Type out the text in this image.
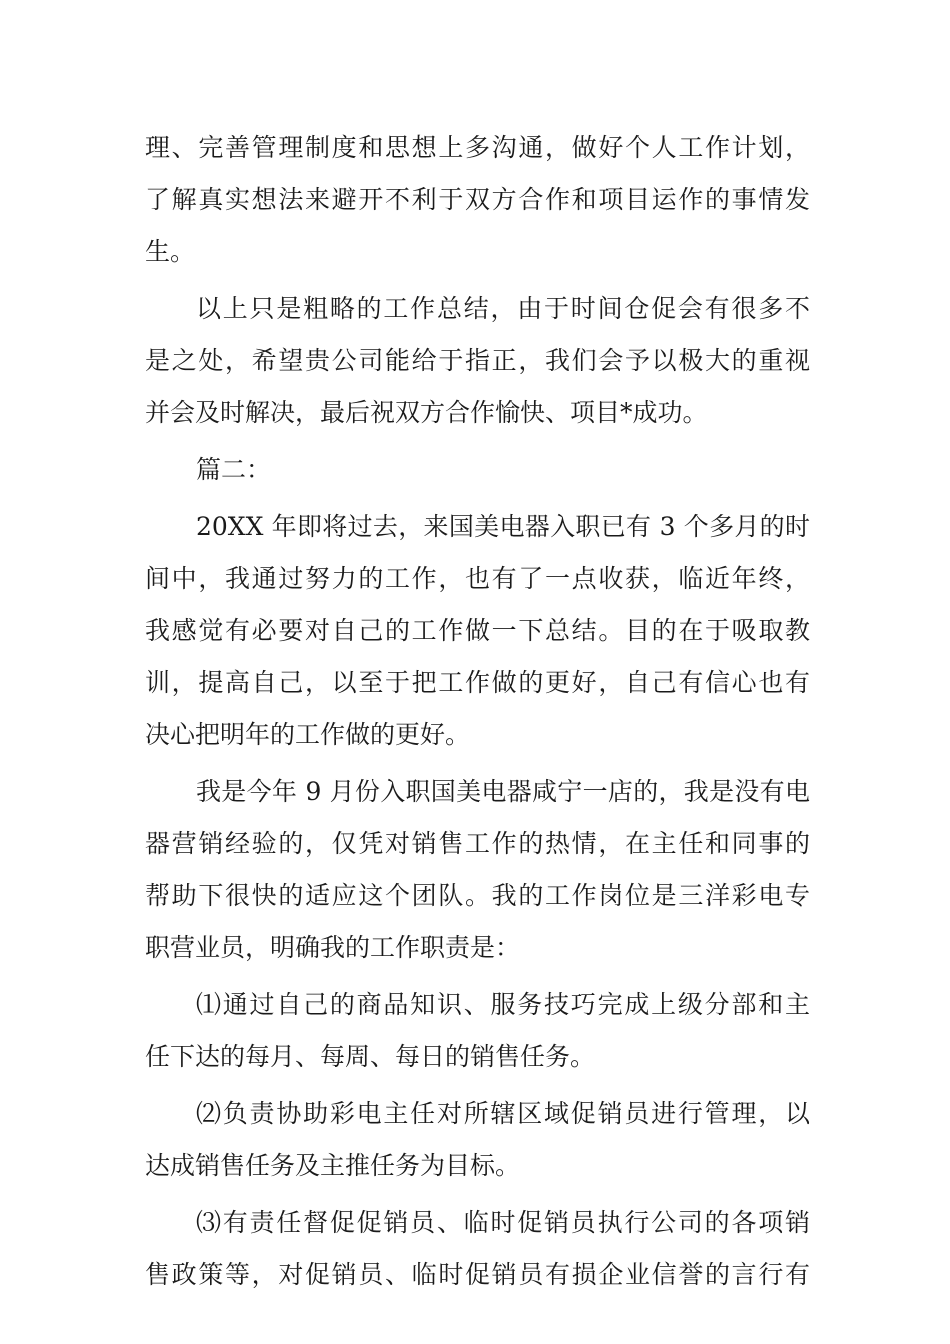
理、完善管理制度和思想上多沟通，做好个人工作计划，
了解真实想法来避开不利于双方合作和项目运作的事情发
生。
以上只是粗略的工作总结，由于时间仓促会有很多不
是之处，希望贵公司能给于指正，我们会予以极大的重视
并会及时解决，最后祝双方合作愉快、项目*成功。
篇二：
20XX 年即将过去，来国美电器入职已有 3 个多月的时
间中，我通过努力的工作，也有了一点收获，临近年终，
我感觉有必要对自己的工作做一下总结。目的在于吸取教
训，提高自己，以至于把工作做的更好，自己有信心也有
决心把明年的工作做的更好。
我是今年 9 月份入职国美电器咸宁一店的，我是没有电
器营销经验的，仅凭对销售工作的热情，在主任和同事的
帮助下很快的适应这个团队。我的工作岗位是三洋彩电专
职营业员，明确我的工作职责是：
⑴通过自己的商品知识、服务技巧完成上级分部和主
任下达的每月、每周、每日的销售任务。
⑵负责协助彩电主任对所辖区域促销员进行管理，以
达成销售任务及主推任务为目标。
⑶有责任督促促销员、临时促销员执行公司的各项销
售政策等，对促销员、临时促销员有损企业信誉的言行有
